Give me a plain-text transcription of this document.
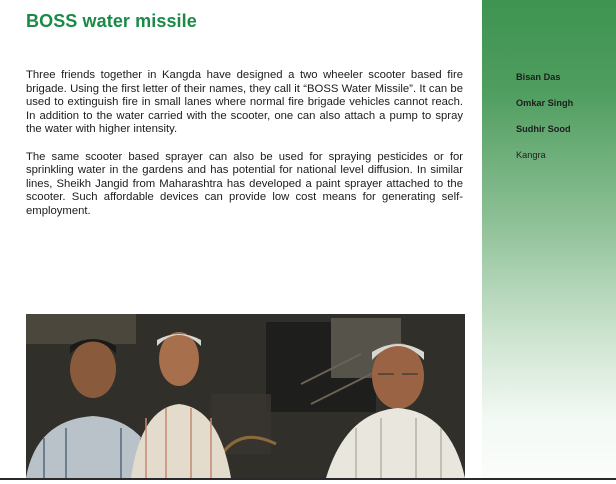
BOSS water missile

Three friends together in Kangda have designed a two wheeler scooter based fire brigade. Using the first letter of their names, they call it “BOSS Water Missile”. It can be used to extinguish fire in small lanes where normal fire brigade vehicles cannot reach. In addition to the water carried with the scooter, one can also attach a pump to spray the water with higher intensity.

The same scooter based sprayer can also be used for spraying pesticides or for sprinkling water in the gardens and has potential for national level diffusion. In similar lines, Sheikh Jangid from Maharashtra has developed a paint sprayer attached to the scooter. Such affordable devices can provide low cost means for generating self-employment.

Bisan Das
Omkar Singh
Sudhir Sood
Kangra
